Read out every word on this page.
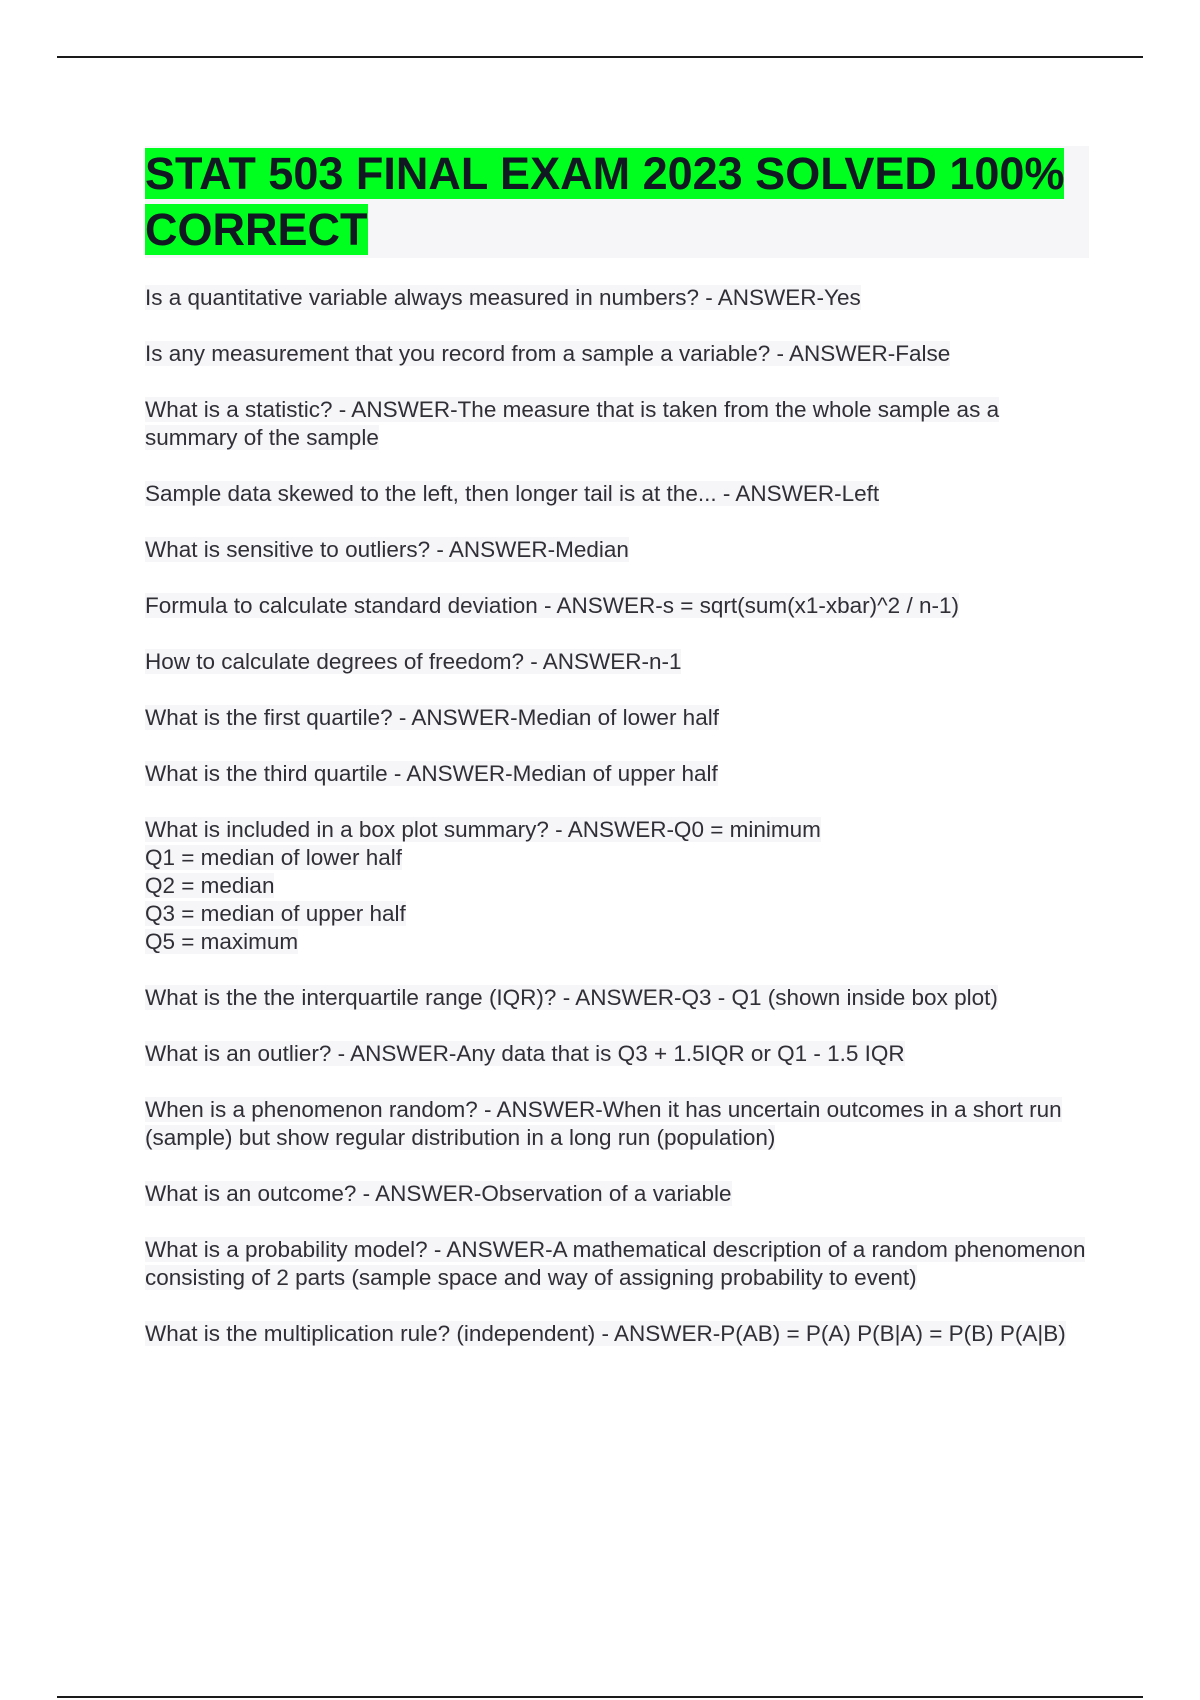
STAT 503 FINAL EXAM 2023 SOLVED 100% CORRECT
Is a quantitative variable always measured in numbers? - ANSWER-Yes
Is any measurement that you record from a sample a variable? - ANSWER-False
What is a statistic? - ANSWER-The measure that is taken from the whole sample as a summary of the sample
Sample data skewed to the left, then longer tail is at the... - ANSWER-Left
What is sensitive to outliers? - ANSWER-Median
Formula to calculate standard deviation - ANSWER-s = sqrt(sum(x1-xbar)^2 / n-1)
How to calculate degrees of freedom? - ANSWER-n-1
What is the first quartile? - ANSWER-Median of lower half
What is the third quartile - ANSWER-Median of upper half
What is included in a box plot summary? - ANSWER-Q0 = minimum
Q1 = median of lower half
Q2 = median
Q3 = median of upper half
Q5 = maximum
What is the the interquartile range (IQR)? - ANSWER-Q3 - Q1 (shown inside box plot)
What is an outlier? - ANSWER-Any data that is Q3 + 1.5IQR or Q1 - 1.5 IQR
When is a phenomenon random? - ANSWER-When it has uncertain outcomes in a short run (sample) but show regular distribution in a long run (population)
What is an outcome? - ANSWER-Observation of a variable
What is a probability model? - ANSWER-A mathematical description of a random phenomenon consisting of 2 parts (sample space and way of assigning probability to event)
What is the multiplication rule? (independent) - ANSWER-P(AB) = P(A) P(B|A) = P(B) P(A|B)
